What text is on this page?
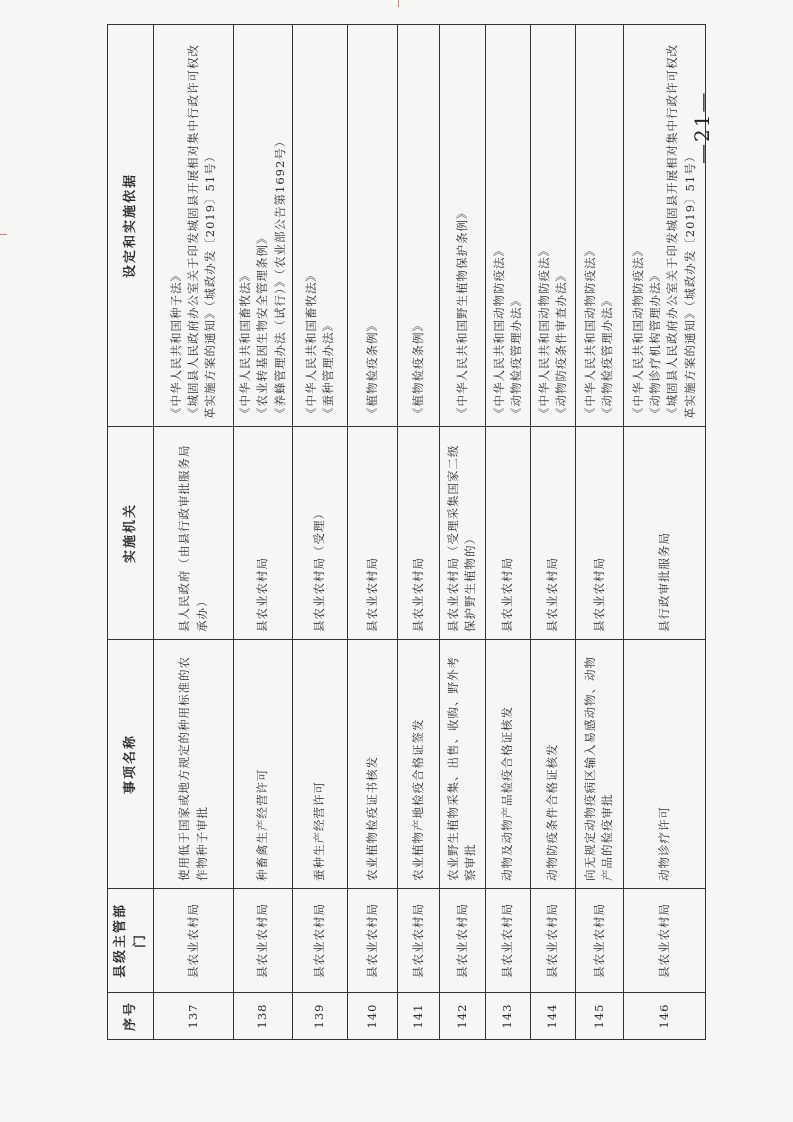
序号	县级主管部门	事项名称	实施机关	设定和实施依据
137	县农业农村局	使用低于国家或地方规定的种用标准的农作物种子审批	县人民政府（由县行政审批服务局承办）	《中华人民共和国种子法》 《城固县人民政府办公室关于印发城固县开展相对集中行政许可权改革实施方案的通知》（城政办发〔2019〕51号）

138	县农业农村局	种畜禽生产经营许可	县农业农村局	《中华人民共和国畜牧法》 《农业转基因生物安全管理条例》 《养蜂管理办法（试行）》（农业部公告第1692号）

139	县农业农村局	蚕种生产经营许可	县农业农村局（受理）	《中华人民共和国畜牧法》 《蚕种管理办法》

140	县农业农村局	农业植物检疫证书核发	县农业农村局	《植物检疫条例》

141	县农业农村局	农业植物产地检疫合格证签发	县农业农村局	《植物检疫条例》

142	县农业农村局	农业野生植物采集、出售、收购、野外考察审批	县农业农村局（受理采集国家二级保护野生植物的）	《中华人民共和国野生植物保护条例》

143	县农业农村局	动物及动物产品检疫合格证核发	县农业农村局	《中华人民共和国动物防疫法》 《动物检疫管理办法》

144	县农业农村局	动物防疫条件合格证核发	县农业农村局	《中华人民共和国动物防疫法》 《动物防疫条件审查办法》

145	县农业农村局	向无规定动物疫病区输入易感动物、动物产品的检疫审批	县农业农村局	《中华人民共和国动物防疫法》 《动物检疫管理办法》

146	县农业农村局	动物诊疗许可	县行政审批服务局	《中华人民共和国动物防疫法》 《动物诊疗机构管理办法》 《城固县人民政府办公室关于印发城固县开展相对集中行政许可权改革实施方案的通知》（城政办发〔2019〕51号）
—21—
